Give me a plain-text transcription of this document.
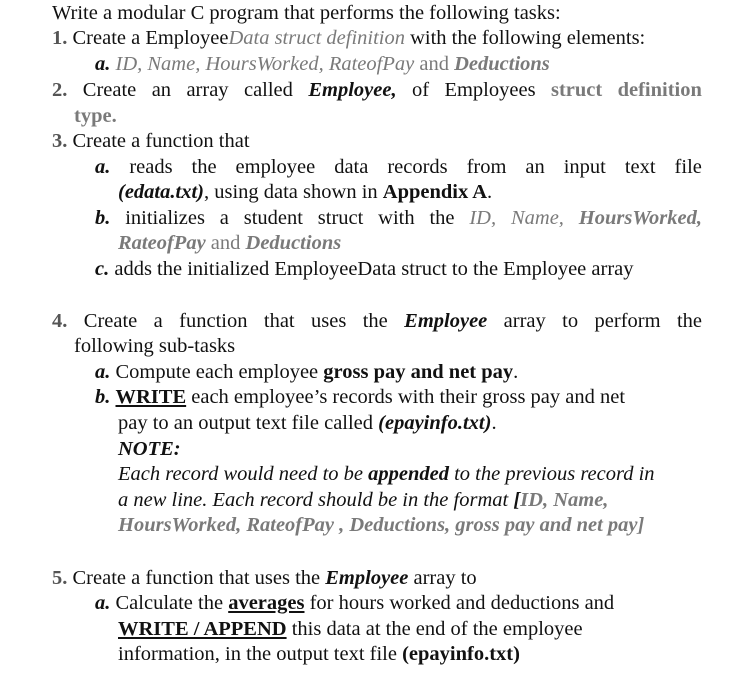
Write a modular C program that performs the following tasks:
1. Create a EmployeeData struct definition with the following elements:
a. ID, Name, HoursWorked, RateofPay and Deductions
2. Create an array called Employee, of Employees struct definition
type.
3. Create a function that
a. reads the employee data records from an input text file
(edata.txt), using data shown in Appendix A.
b. initializes a student struct with the ID, Name, HoursWorked,
RateofPay and Deductions
c. adds the initialized EmployeeData struct to the Employee array
4. Create a function that uses the Employee array to perform the
following sub-tasks
a. Compute each employee gross pay and net pay.
b. WRITE each employee’s records with their gross pay and net
pay to an output text file called (epayinfo.txt).
NOTE:
Each record would need to be appended to the previous record in
a new line. Each record should be in the format [ID, Name,
HoursWorked, RateofPay , Deductions, gross pay and net pay]
5. Create a function that uses the Employee array to
a. Calculate the averages for hours worked and deductions and
WRITE / APPEND this data at the end of the employee
information, in the output text file (epayinfo.txt)
